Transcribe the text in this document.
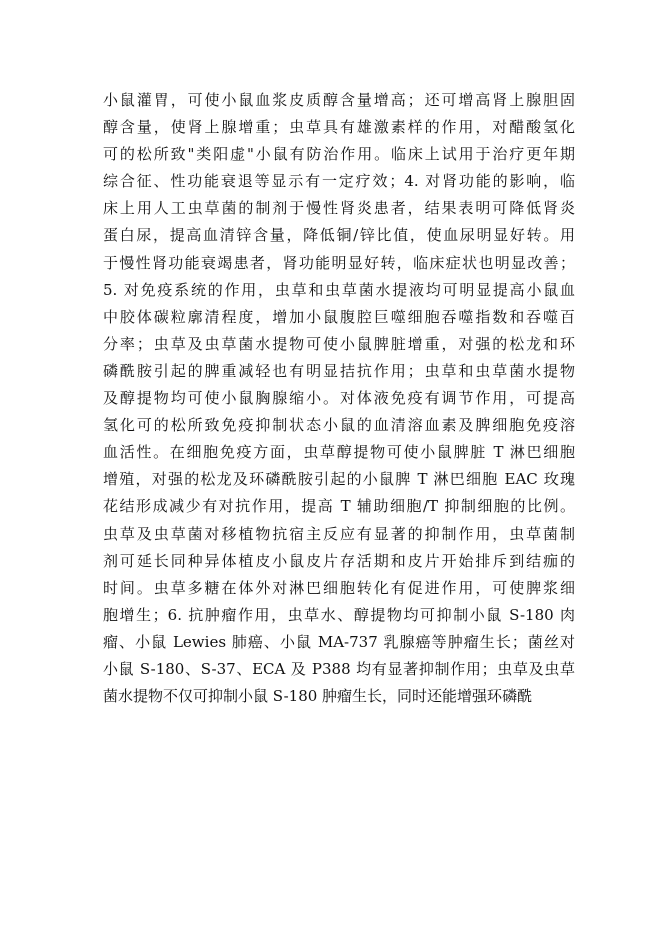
小鼠灌胃，可使小鼠血浆皮质醇含量增高；还可增高肾上腺胆固
醇含量，使肾上腺增重；虫草具有雄激素样的作用，对醋酸氢化
可的松所致"类阳虚"小鼠有防治作用。临床上试用于治疗更年期
综合征、性功能衰退等显示有一定疗效；4. 对肾功能的影响，临
床上用人工虫草菌的制剂于慢性肾炎患者，结果表明可降低肾炎
蛋白尿，提高血清锌含量，降低铜/锌比值，使血尿明显好转。用
于慢性肾功能衰竭患者，肾功能明显好转，临床症状也明显改善；
5. 对免疫系统的作用，虫草和虫草菌水提液均可明显提高小鼠血
中胶体碳粒廓清程度，增加小鼠腹腔巨噬细胞吞噬指数和吞噬百
分率；虫草及虫草菌水提物可使小鼠脾脏增重，对强的松龙和环
磷酰胺引起的脾重减轻也有明显拮抗作用；虫草和虫草菌水提物
及醇提物均可使小鼠胸腺缩小。对体液免疫有调节作用，可提高
氢化可的松所致免疫抑制状态小鼠的血清溶血素及脾细胞免疫溶
血活性。在细胞免疫方面，虫草醇提物可使小鼠脾脏 T 淋巴细胞
增殖，对强的松龙及环磷酰胺引起的小鼠脾 T 淋巴细胞 EAC 玫瑰
花结形成减少有对抗作用，提高 T 辅助细胞/T 抑制细胞的比例。
虫草及虫草菌对移植物抗宿主反应有显著的抑制作用，虫草菌制
剂可延长同种异体植皮小鼠皮片存活期和皮片开始排斥到结痂的
时间。虫草多糖在体外对淋巴细胞转化有促进作用，可使脾浆细
胞增生；6. 抗肿瘤作用，虫草水、醇提物均可抑制小鼠 S-180 肉
瘤、小鼠 Lewies 肺癌、小鼠 MA-737 乳腺癌等肿瘤生长；菌丝对
小鼠 S-180、S-37、ECA 及 P388 均有显著抑制作用；虫草及虫草
菌水提物不仅可抑制小鼠 S-180 肿瘤生长，同时还能增强环磷酰
